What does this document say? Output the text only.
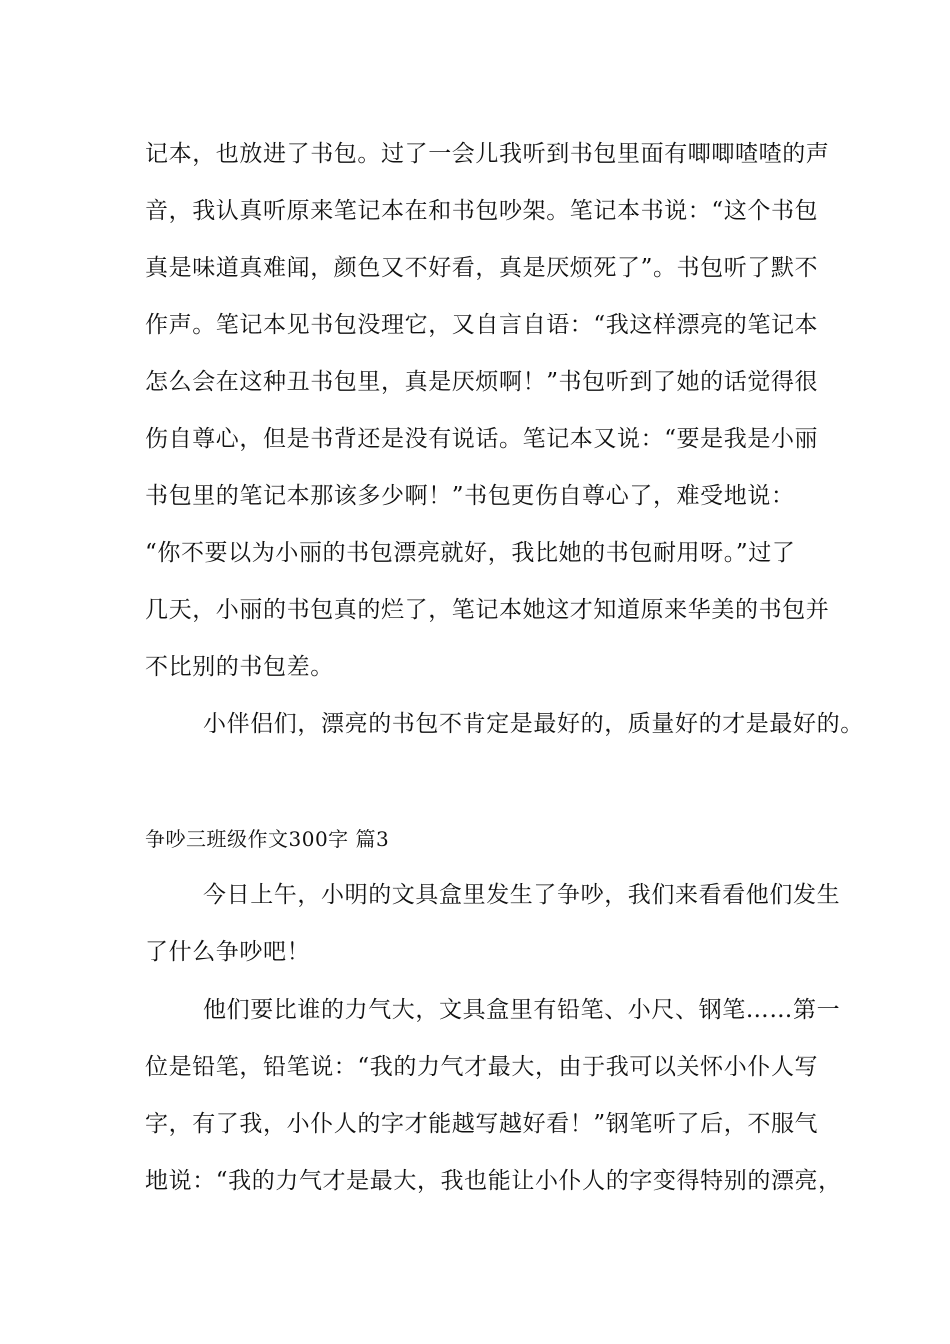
记本，也放进了书包。过了一会儿我听到书包里面有唧唧喳喳的声
音，我认真听原来笔记本在和书包吵架。笔记本书说：“这个书包
真是味道真难闻，颜色又不好看，真是厌烦死了”。书包听了默不
作声。笔记本见书包没理它，又自言自语：“我这样漂亮的笔记本
怎么会在这种丑书包里，真是厌烦啊！”书包听到了她的话觉得很
伤自尊心，但是书背还是没有说话。笔记本又说：“要是我是小丽
书包里的笔记本那该多少啊！”书包更伤自尊心了，难受地说：
“你不要以为小丽的书包漂亮就好，我比她的书包耐用呀。”过了
几天，小丽的书包真的烂了，笔记本她这才知道原来华美的书包并
不比别的书包差。
小伴侣们，漂亮的书包不肯定是最好的，质量好的才是最好的。
争吵三班级作文300字 篇3
今日上午，小明的文具盒里发生了争吵，我们来看看他们发生
了什么争吵吧！
他们要比谁的力气大，文具盒里有铅笔、小尺、钢笔……第一
位是铅笔，铅笔说：“我的力气才最大，由于我可以关怀小仆人写
字，有了我，小仆人的字才能越写越好看！”钢笔听了后，不服气
地说：“我的力气才是最大，我也能让小仆人的字变得特别的漂亮，
